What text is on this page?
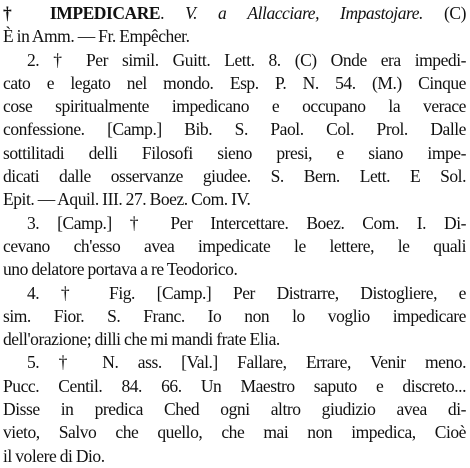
† IMPEDICARE. V. a Allacciare, Impastojare. (C)
È in Amm. — Fr. Empêcher.

2. † Per simil. Guitt. Lett. 8. (C) Onde era impedi-
cato e legato nel mondo. Esp. P. N. 54. (M.) Cinque
cose spiritualmente impedicano e occupano la verace
confessione. [Camp.] Bib. S. Paol. Col. Prol. Dalle
sottilitadi delli Filosofi sieno presi, e siano impe-
dicati dalle osservanze giudee. S. Bern. Lett. E Sol.
Epit. — Aquil. III. 27. Boez. Com. IV.

3. [Camp.] † Per Intercettare. Boez. Com. I. Di-
cevano ch'esso avea impedicate le lettere, le quali
uno delatore portava a re Teodorico.

4. † Fig. [Camp.] Per Distrarre, Distogliere, e
sim. Fior. S. Franc. Io non lo voglio impedicare
dell'orazione; dilli che mi mandi frate Elia.

5. † N. ass. [Val.] Fallare, Errare, Venir meno.
Pucc. Centil. 84. 66. Un Maestro saputo e discreto...
Disse in predica Ched ogni altro giudizio avea di-
vieto, Salvo che quello, che mai non impedica, Cioè
il volere di Dio.
